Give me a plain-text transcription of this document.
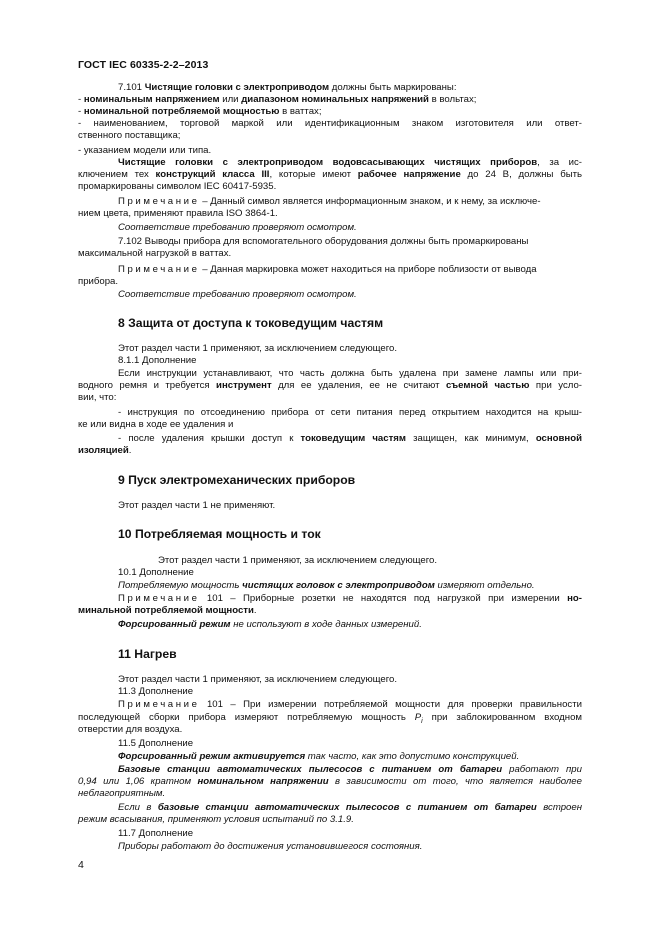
ГОСТ IEC 60335-2-2–2013
7.101 Чистящие головки с электроприводом должны быть маркированы:
- номинальным напряжением или диапазоном номинальных напряжений в вольтах;
- номинальной потребляемой мощностью в ваттах;
- наименованием, торговой маркой или идентификационным знаком изготовителя или ответ-
ственного поставщика;
- указанием модели или типа.
Чистящие головки с электроприводом водовсасывающих чистящих приборов, за ис-
ключением тех конструкций класса III, которые имеют рабочее напряжение до 24 В, должны быть
промаркированы символом IEC 60417-5935.
Примечание – Данный символ является информационным знаком, и к нему, за исключе-
нием цвета, применяют правила ISO 3864-1.
Соответствие требованию проверяют осмотром.
7.102 Выводы прибора для вспомогательного оборудования должны быть промаркированы
максимальной нагрузкой в ваттах.
Примечание – Данная маркировка может находиться на приборе поблизости от вывода
прибора.
Соответствие требованию проверяют осмотром.
8 Защита от доступа к токоведущим частям
Этот раздел части 1 применяют, за исключением следующего.
8.1.1 Дополнение
Если инструкции устанавливают, что часть должна быть удалена при замене лампы или при-
водного ремня и требуется инструмент для ее удаления, ее не считают съемной частью при усло-
вии, что:
- инструкция по отсоединению прибора от сети питания перед открытием находится на крыш-
ке или видна в ходе ее удаления и
- после удаления крышки доступ к токоведущим частям защищен, как минимум, основной
изоляцией.
9 Пуск электромеханических приборов
Этот раздел части 1 не применяют.
10 Потребляемая мощность и ток
Этот раздел части 1 применяют, за исключением следующего.
10.1 Дополнение
Потребляемую мощность чистящих головок с электроприводом измеряют отдельно.
Примечание 101 – Приборные розетки не находятся под нагрузкой при измерении но-
минальной потребляемой мощности.
Форсированный режим не используют в ходе данных измерений.
11 Нагрев
Этот раздел части 1 применяют, за исключением следующего.
11.3 Дополнение
Примечание 101 – При измерении потребляемой мощности для проверки правильности
последующей сборки прибора измеряют потребляемую мощность $P_i$ при заблокированном входном
отверстии для воздуха.
11.5 Дополнение
Форсированный режим активируется так часто, как это допустимо конструкцией.
Базовые станции автоматических пылесосов с питанием от батареи работают при
0,94 или 1,06 кратном номинальном напряжении в зависимости от того, что является наиболее
неблагоприятным.
Если в базовые станции автоматических пылесосов с питанием от батареи встроен
режим всасывания, применяют условия испытаний по 3.1.9.
11.7 Дополнение
Приборы работают до достижения установившегося состояния.
4
